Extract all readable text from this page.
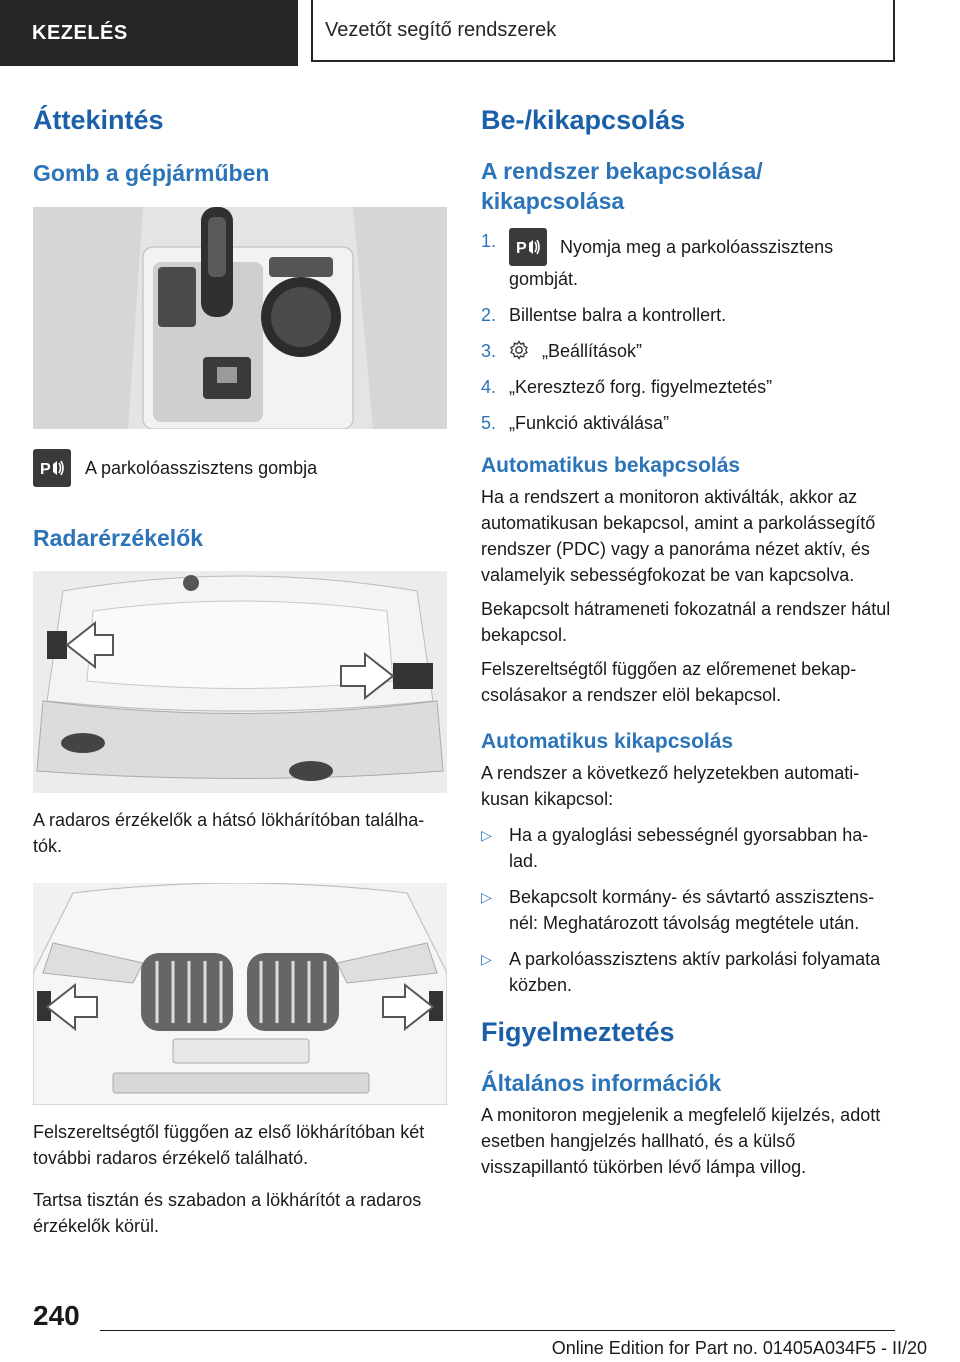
KEZELÉS	Vezetőt segítő rendszerek
Áttekintés
Gomb a gépjárműben
P A parkolóasszisztens gombja

Radarérzékelők

A radaros érzékelők a hátsó lökhárítóban találha-tók.

Felszereltségtől függően az első lökhárítóban két további radaros érzékelő található.

Tartsa tisztán és szabadon a lökhárítót a radaros érzékelők körül.

Be-/kikapcsolás
A rendszer bekapcsolása/ kikapcsolása
1. P Nyomja meg a parkolóasszisztens gombját.
2. Billentse balra a kontrollert.
3.	„Beállítások”
4. „Keresztező forg. figyelmeztetés”
5. „Funkció aktiválása”
Automatikus bekapcsolás

Ha a rendszert a monitoron aktiválták, akkor az automatikusan bekapcsol, amint a parkolássegítő rendszer (PDC) vagy a panoráma nézet aktív, és valamelyik sebességfokozat be van kapcsolva.

Bekapcsolt hátrameneti fokozatnál a rendszer hátul bekapcsol.

Felszereltségtől függően az előremenet bekap-csolásakor a rendszer elöl bekapcsol.

Automatikus kikapcsolás

A rendszer a következő helyzetekben automati-kusan kikapcsol:

▷ Ha a gyaloglási sebességnél gyorsabban ha-lad.
▷ Bekapcsolt kormány- és sávtartó asszisztens-nél: Meghatározott távolság megtétele után.
▷ A parkolóasszisztens aktív parkolási folyamata közben.
Figyelmeztetés
Általános információk

A monitoron megjelenik a megfelelő kijelzés, adott esetben hangjelzés hallható, és a külső visszapillantó tükörben lévő lámpa villog.

240
Online Edition for Part no. 01405A034F5 - II/20
